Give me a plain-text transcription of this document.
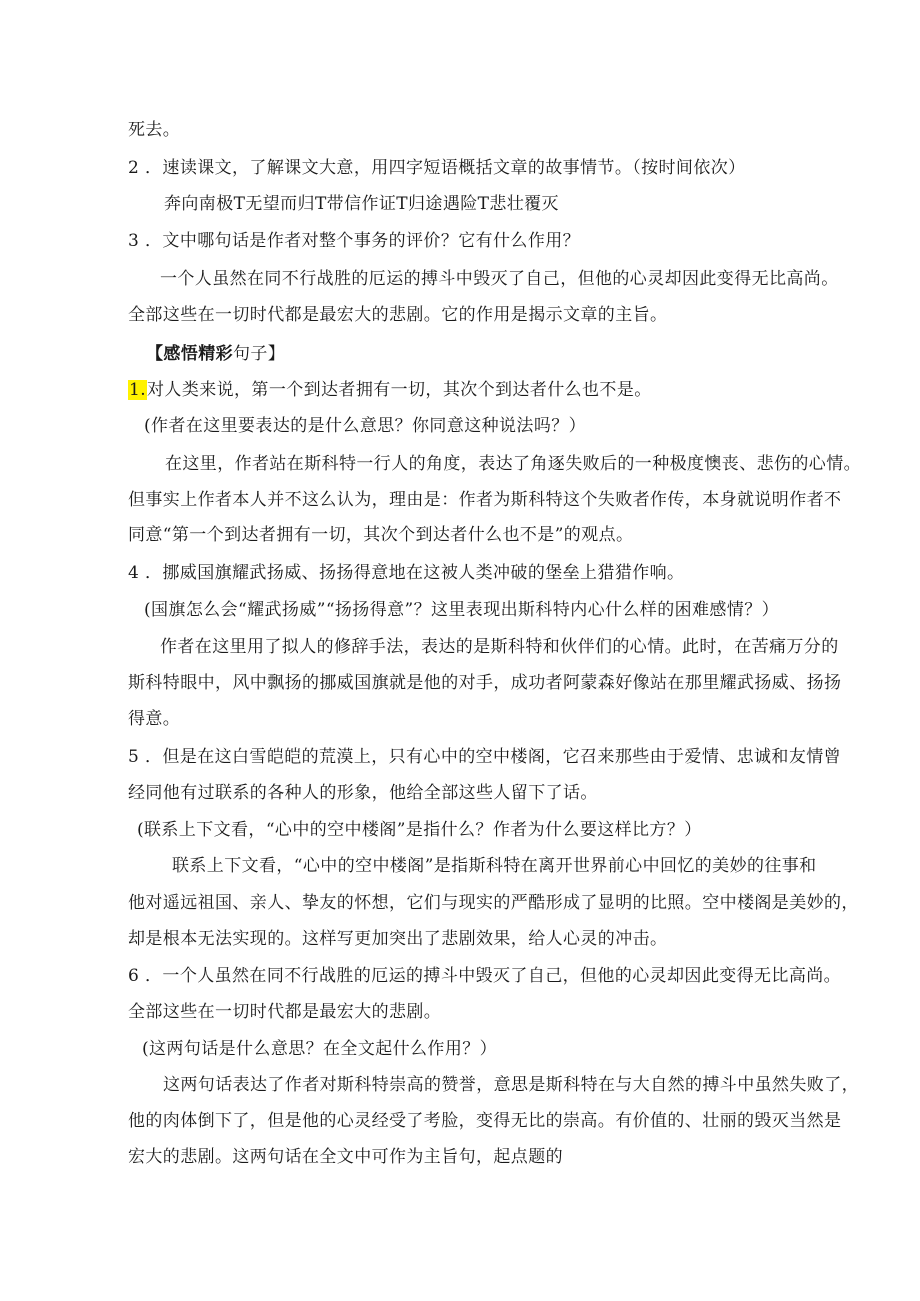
死去。
2 ．速读课文，了解课文大意，用四字短语概括文章的故事情节。（按时间依次）
奔向南极T无望而归T带信作证T归途遇险T悲壮覆灭
3 ．文中哪句话是作者对整个事务的评价？它有什么作用？
一个人虽然在同不行战胜的厄运的搏斗中毁灭了自己，但他的心灵却因此变得无比高尚。
全部这些在一切时代都是最宏大的悲剧。它的作用是揭示文章的主旨。
【感悟精彩句子】
1.对人类来说，第一个到达者拥有一切，其次个到达者什么也不是。
(作者在这里要表达的是什么意思？你同意这种说法吗？）
在这里，作者站在斯科特一行人的角度，表达了角逐失败后的一种极度懊丧、悲伤的心情。
但事实上作者本人并不这么认为，理由是：作者为斯科特这个失败者作传，本身就说明作者不
同意“第一个到达者拥有一切，其次个到达者什么也不是”的观点。
4 ．挪威国旗耀武扬威、扬扬得意地在这被人类冲破的堡垒上猎猎作响。
(国旗怎么会“耀武扬威”“扬扬得意”？这里表现出斯科特内心什么样的困难感情？）
作者在这里用了拟人的修辞手法，表达的是斯科特和伙伴们的心情。此时，在苦痛万分的
斯科特眼中，风中飘扬的挪威国旗就是他的对手，成功者阿蒙森好像站在那里耀武扬威、扬扬
得意。
5 ．但是在这白雪皑皑的荒漠上，只有心中的空中楼阁，它召来那些由于爱情、忠诚和友情曾
经同他有过联系的各种人的形象，他给全部这些人留下了话。
(联系上下文看，“心中的空中楼阁”是指什么？作者为什么要这样比方？）
联系上下文看，“心中的空中楼阁”是指斯科特在离开世界前心中回忆的美妙的往事和
他对遥远祖国、亲人、挚友的怀想，它们与现实的严酷形成了显明的比照。空中楼阁是美妙的，
却是根本无法实现的。这样写更加突出了悲剧效果，给人心灵的冲击。
6 ．一个人虽然在同不行战胜的厄运的搏斗中毁灭了自己，但他的心灵却因此变得无比高尚。
全部这些在一切时代都是最宏大的悲剧。
(这两句话是什么意思？在全文起什么作用？）
这两句话表达了作者对斯科特崇高的赞誉，意思是斯科特在与大自然的搏斗中虽然失败了，
他的肉体倒下了，但是他的心灵经受了考脸，变得无比的崇高。有价值的、壮丽的毁灭当然是
宏大的悲剧。这两句话在全文中可作为主旨句，起点题的
